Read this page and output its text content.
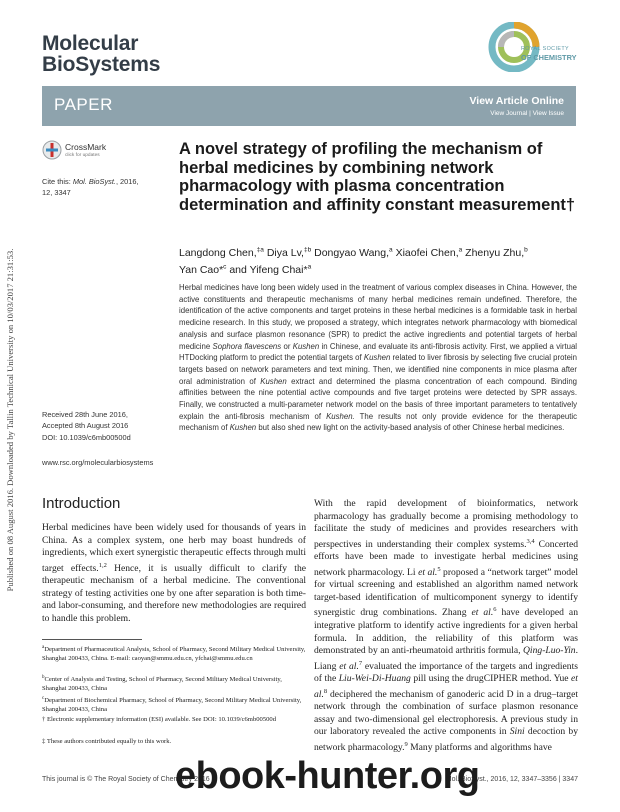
Published on 08 August 2016. Downloaded by Tallin Technical University on 10/03/2017 21:31:53.
Molecular
BioSystems
ROYAL SOCIETY
OF CHEMISTRY
PAPER	View Article Online
View Journal | View Issue
CrossMark
click for updates
Cite this: Mol. BioSyst., 2016,
12, 3347
A novel strategy of profiling the mechanism of herbal medicines by combining network pharmacology with plasma concentration determination and affinity constant measurement†
Langdong Chen,$^{\ddagger a}$ Diya Lv,$^{\ddagger b}$ Dongyao Wang,$^a$ Xiaofei Chen,$^a$ Zhenyu Zhu,$^b$
Yan Cao*$^c$ and Yifeng Chai*$^a$
Herbal medicines have long been widely used in the treatment of various complex diseases in China. However, the active constituents and therapeutic mechanisms of many herbal medicines remain undefined. Therefore, the identification of the active components and target proteins in these herbal medicines is a formidable task in herbal medicine research. In this study, we proposed a strategy, which integrates network pharmacology with biomedical analysis and surface plasmon resonance (SPR) to predict the active ingredients and potential targets of herbal medicine Sophora flavescens or Kushen in Chinese, and evaluate its anti-fibrosis activity. First, we applied a virtual HTDocking platform to predict the potential targets of Kushen related to liver fibrosis by selecting five crucial protein targets based on network parameters and text mining. Then, we identified nine components in mice plasma after oral administration of Kushen extract and determined the plasma concentration of each compound. Binding affinities between the nine potential active compounds and five target proteins were detected by SPR assays. Finally, we constructed a multi-parameter network model on the basis of three important parameters to tentatively explain the anti-fibrosis mechanism of Kushen. The results not only provide evidence for the therapeutic mechanism of Kushen but also shed new light on the activity-based analysis of other Chinese herbal medicines.
Received 28th June 2016,
Accepted 8th August 2016
DOI: 10.1039/c6mb00500d
www.rsc.org/molecularbiosystems
Introduction
Herbal medicines have been widely used for thousands of years in China. As a complex system, one herb may boast hundreds of ingredients, which exert synergistic therapeutic effects through multi target effects.$^{1,2}$ Hence, it is usually difficult to clarify the therapeutic mechanism of a herbal medicine. The conventional strategy of testing activities one by one after separation is both time- and labor-consuming, and therefore new methodologies are required to handle this problem.
$^a$Department of Pharmaceutical Analysis, School of Pharmacy, Second Military Medical University, Shanghai 200433, China. E-mail: caoyan@smmu.edu.cn, yfchai@smmu.edu.cn
$^b$Center of Analysis and Testing, School of Pharmacy, Second Military Medical University, Shanghai 200433, China
$^c$Department of Biochemical Pharmacy, School of Pharmacy, Second Military Medical University, Shanghai 200433, China
† Electronic supplementary information (ESI) available. See DOI: 10.1039/c6mb00500d
‡ These authors contributed equally to this work.
With the rapid development of bioinformatics, network pharmacology has gradually become a promising methodology to facilitate the study of medicines and provides researchers with perspectives in understanding their complex systems.$^{3,4}$ Concerted efforts have been made to investigate herbal medicines using network pharmacology. Li et al.$^5$ proposed a “network target” model for virtual screening and established an algorithm named network target-based identification of multicomponent synergy to identify synergistic drug combinations. Zhang et al.$^6$ have developed an integrative platform to identify active ingredients for a given herbal formula. In addition, the reliability of this platform was demonstrated by an anti-rheumatoid arthritis formula, Qing-Luo-Yin. Liang et al.$^7$ evaluated the importance of the targets and ingredients of the Liu-Wei-Di-Huang pill using the drugCIPHER method. Yue et al.$^8$ deciphered the mechanism of ganoderic acid D in a drug–target network through the combination of surface plasmon resonance assay and two-dimensional gel electrophoresis. A previous study in our laboratory revealed the active components in Sini decoction by network pharmacology.$^9$ Many platforms and algorithms have
This journal is © The Royal Society of Chemistry 2016	Mol. BioSyst., 2016, 12, 3347–3356 | 3347
ebook-hunter.org
